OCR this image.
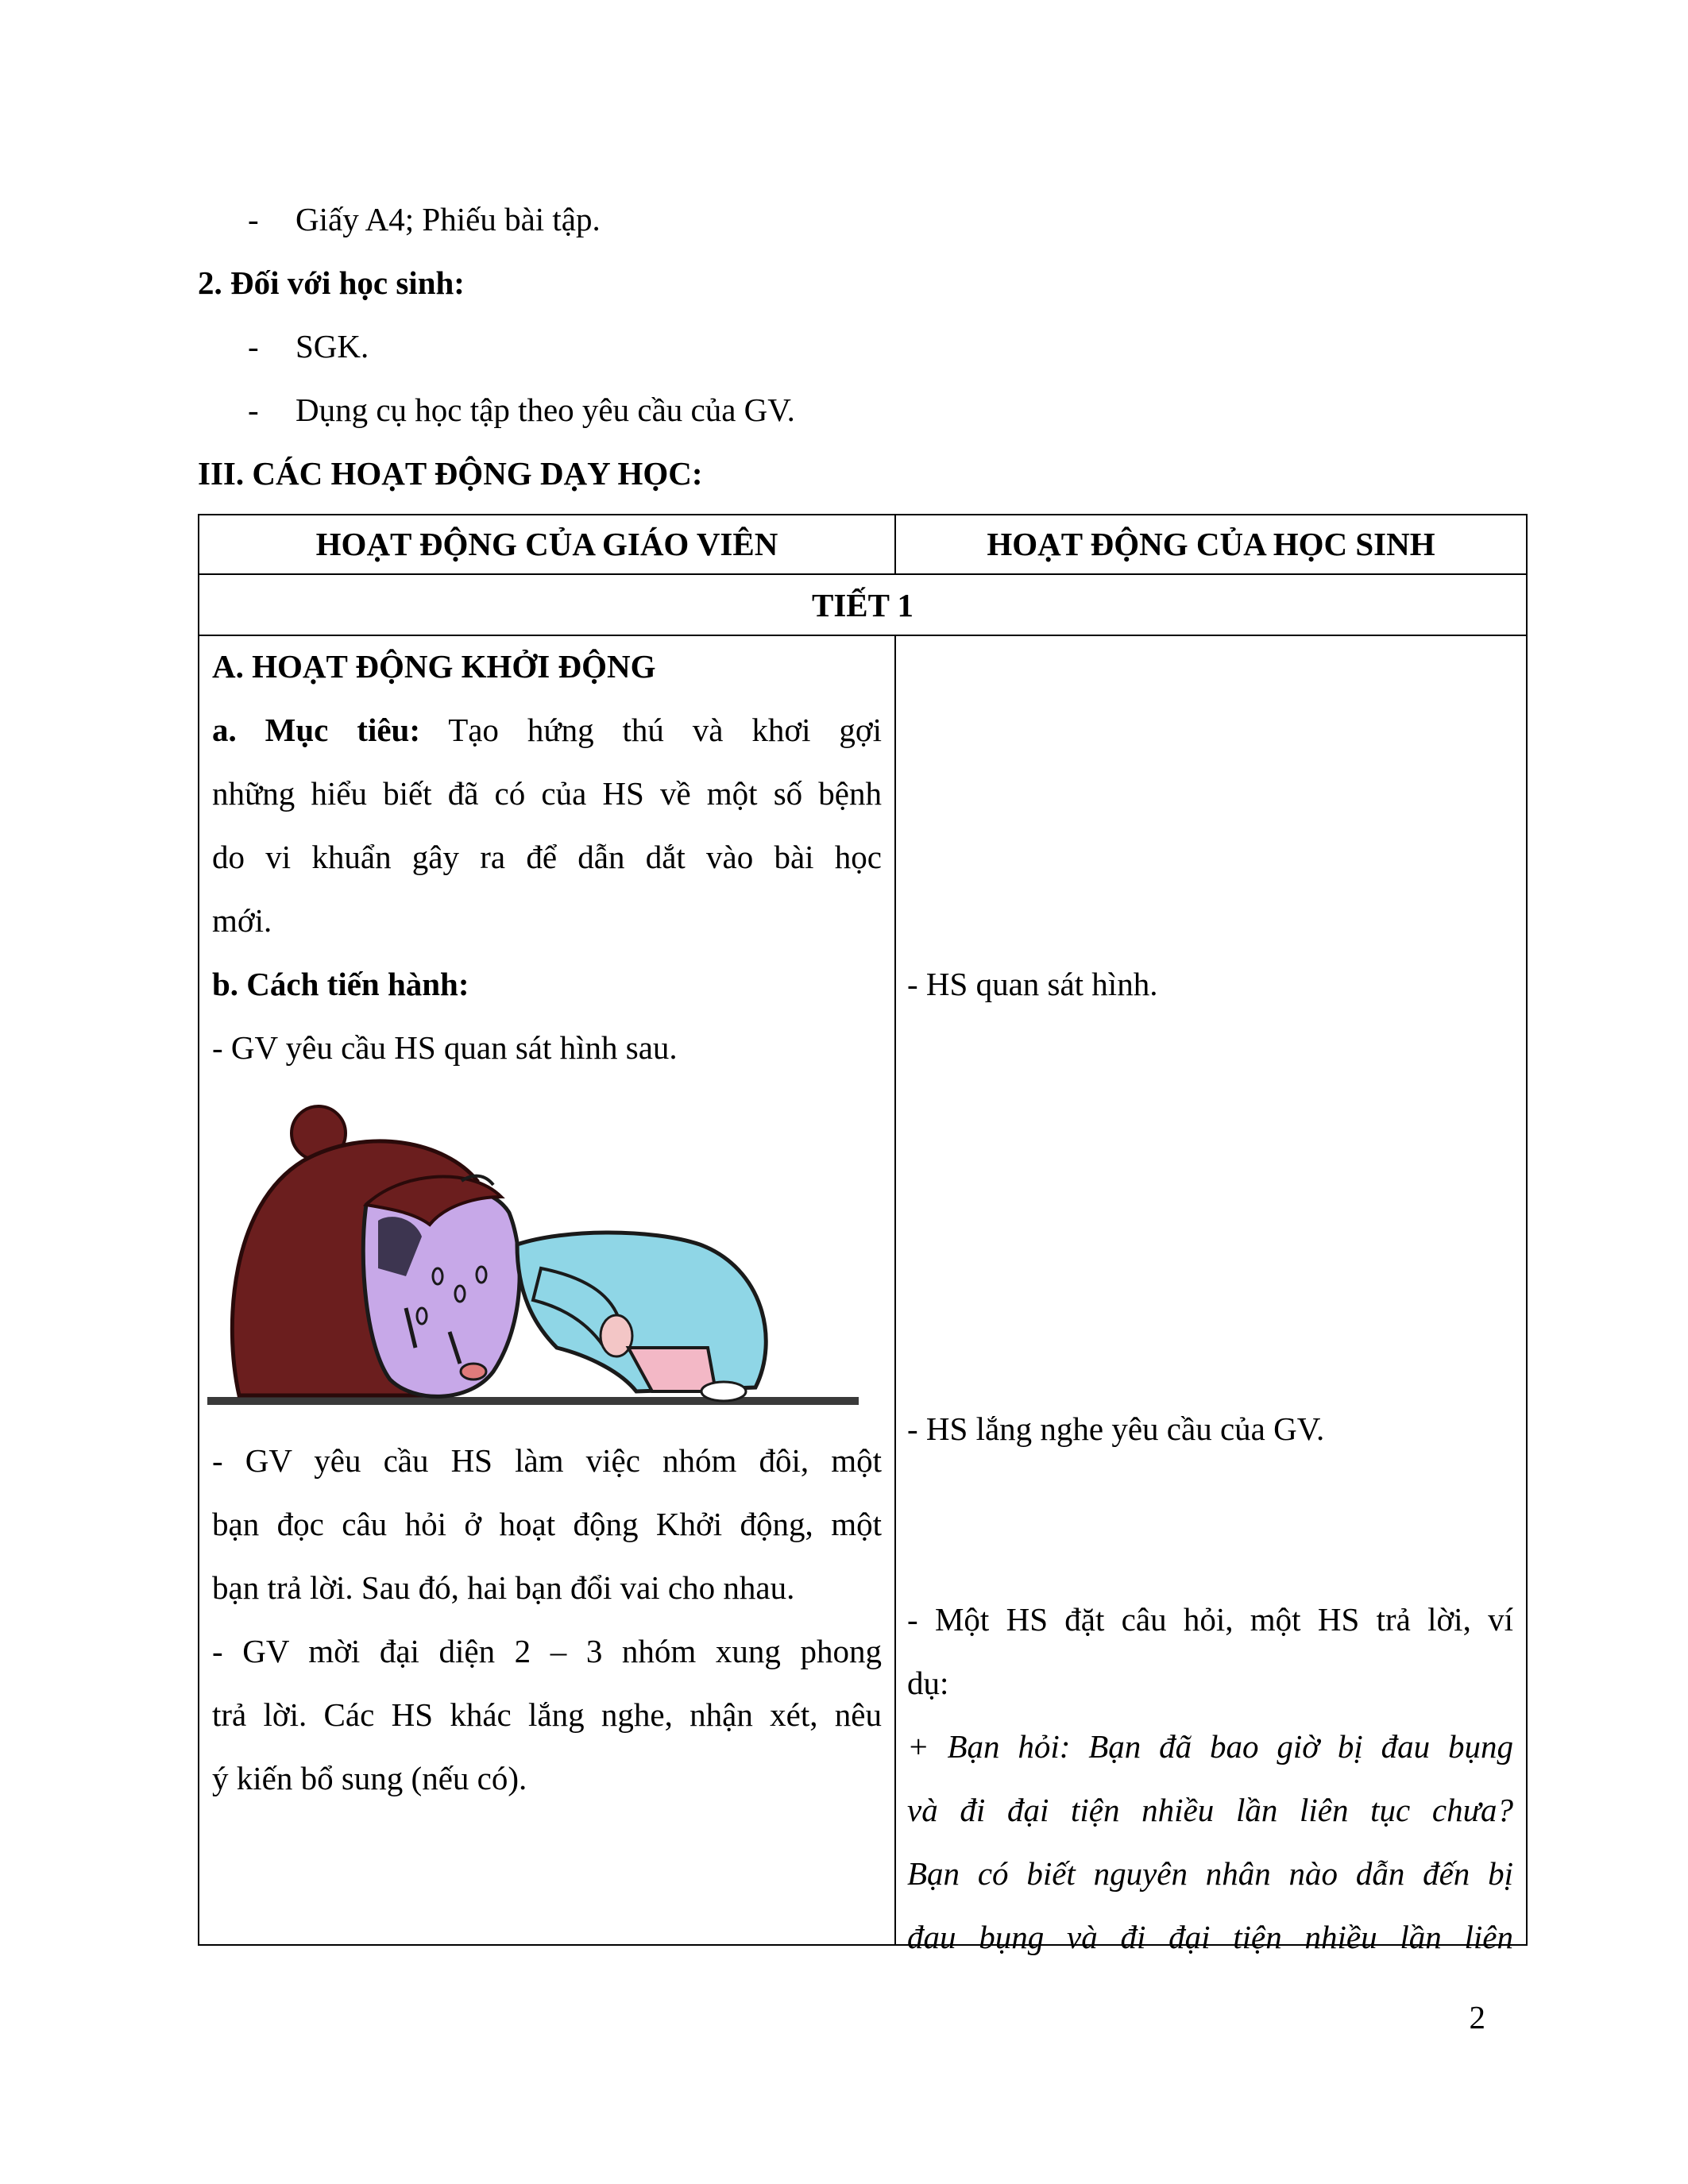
- Giấy A4; Phiếu bài tập.
2. Đối với học sinh:
- SGK.
- Dụng cụ học tập theo yêu cầu của GV.
III. CÁC HOẠT ĐỘNG DẠY HỌC:
HOẠT ĐỘNG CỦA GIÁO VIÊN	HOẠT ĐỘNG CỦA HỌC SINH
TIẾT 1

A. HOẠT ĐỘNG KHỞI ĐỘNG

a. Mục tiêu: Tạo hứng thú và khơi gợi

những hiểu biết đã có của HS về một số bệnh

do vi khuẩn gây ra để dẫn dắt vào bài học

mới.

b. Cách tiến hành:

- GV yêu cầu HS quan sát hình sau.

- GV yêu cầu HS làm việc nhóm đôi, một

bạn đọc câu hỏi ở hoạt động Khởi động, một

bạn trả lời. Sau đó, hai bạn đổi vai cho nhau.

- GV mời đại diện 2 – 3 nhóm xung phong

trả lời. Các HS khác lắng nghe, nhận xét, nêu

ý kiến bổ sung (nếu có).

- HS quan sát hình.
- HS lắng nghe yêu cầu của GV.

- Một HS đặt câu hỏi, một HS trả lời, ví

dụ:

+ Bạn hỏi: Bạn đã bao giờ bị đau bụng

và đi đại tiện nhiều lần liên tục chưa?

Bạn có biết nguyên nhân nào dẫn đến bị

đau bụng và đi đại tiện nhiều lần liên

2
